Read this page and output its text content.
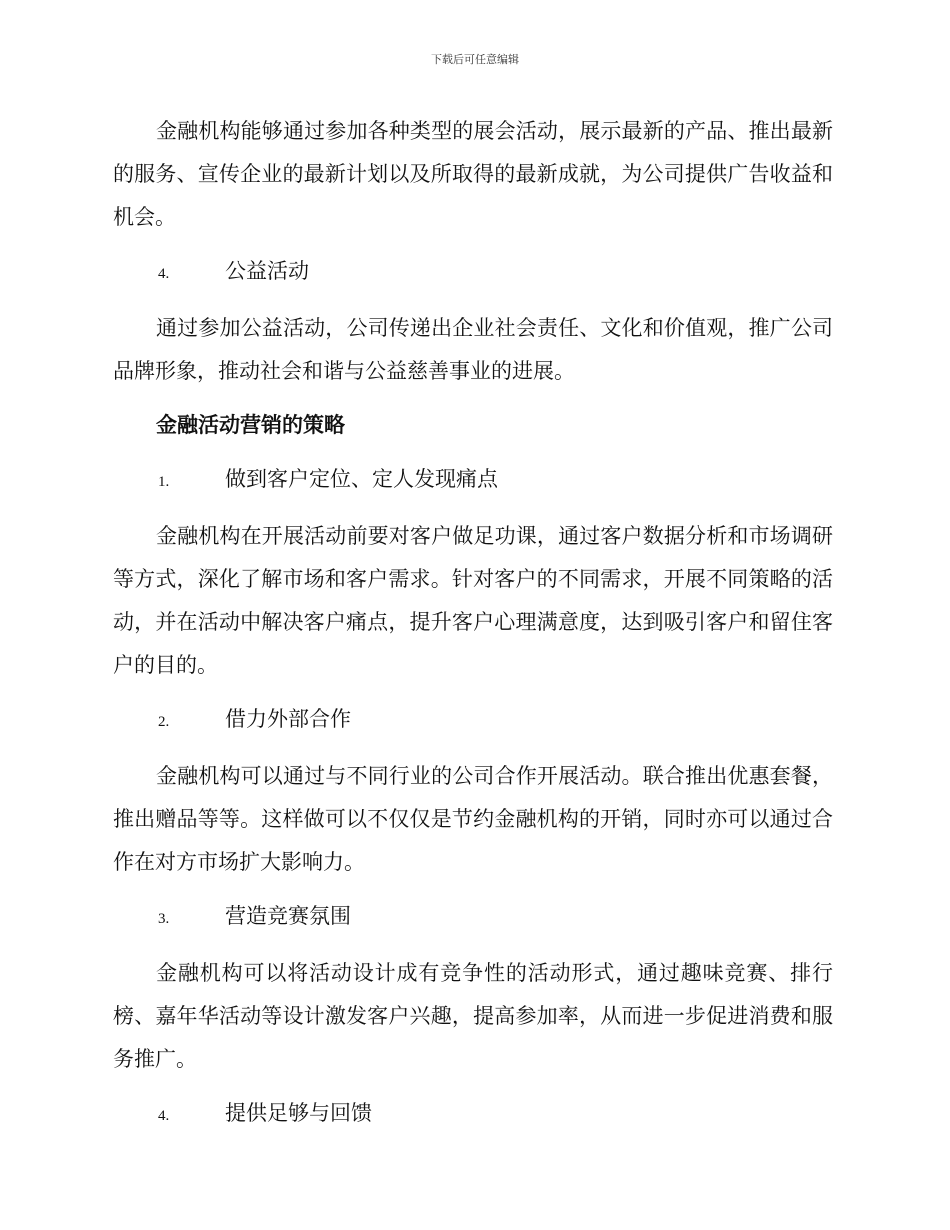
下载后可任意编辑

金融机构能够通过参加各种类型的展会活动，展示最新的产品、推出最新的服务、宣传企业的最新计划以及所取得的最新成就，为公司提供广告收益和机会。

4.	公益活动

通过参加公益活动，公司传递出企业社会责任、文化和价值观，推广公司品牌形象，推动社会和谐与公益慈善事业的进展。

金融活动营销的策略
1.	做到客户定位、定人发现痛点

金融机构在开展活动前要对客户做足功课，通过客户数据分析和市场调研等方式，深化了解市场和客户需求。针对客户的不同需求，开展不同策略的活动，并在活动中解决客户痛点，提升客户心理满意度，达到吸引客户和留住客户的目的。

2.	借力外部合作

金融机构可以通过与不同行业的公司合作开展活动。联合推出优惠套餐，推出赠品等等。这样做可以不仅仅是节约金融机构的开销，同时亦可以通过合作在对方市场扩大影响力。

3.	营造竞赛氛围

金融机构可以将活动设计成有竞争性的活动形式，通过趣味竞赛、排行榜、嘉年华活动等设计激发客户兴趣，提高参加率，从而进一步促进消费和服务推广。

4.	提供足够与回馈
